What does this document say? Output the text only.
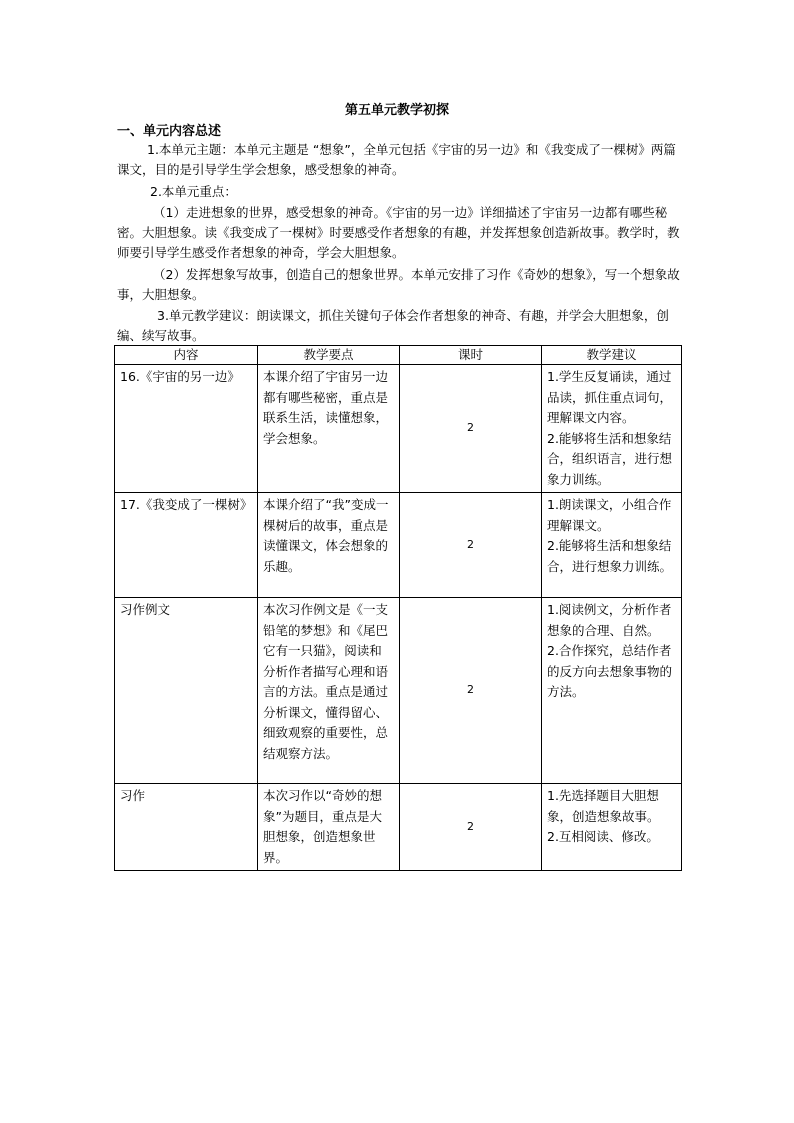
第五单元教学初探
一、单元内容总述
1.本单元主题：本单元主题是 “想象”，全单元包括《宇宙的另一边》和《我变成了一棵树》两篇课文，目的是引导学生学会想象，感受想象的神奇。
2.本单元重点：
（1）走进想象的世界，感受想象的神奇。《宇宙的另一边》详细描述了宇宙另一边都有哪些秘密。大胆想象。读《我变成了一棵树》时要感受作者想象的有趣，并发挥想象创造新故事。教学时，教师要引导学生感受作者想象的神奇，学会大胆想象。
（2）发挥想象写故事，创造自己的想象世界。本单元安排了习作《奇妙的想象》，写一个想象故事，大胆想象。
3.单元教学建议：朗读课文，抓住关键句子体会作者想象的神奇、有趣，并学会大胆想象，创编、续写故事。
内容	教学要点	课时	教学建议
16.《宇宙的另一边》	本课介绍了宇宙另一边都有哪些秘密，重点是联系生活，读懂想象，学会想象。	2	1.学生反复诵读，通过品读，抓住重点词句，理解课文内容。
2.能够将生活和想象结合，组织语言，进行想象力训练。
17.《我变成了一棵树》	本课介绍了“我”变成一棵树后的故事，重点是读懂课文，体会想象的乐趣。	2	1.朗读课文，小组合作理解课文。
2.能够将生活和想象结合，进行想象力训练。
习作例文	本次习作例文是《一支铅笔的梦想》和《尾巴它有一只猫》，阅读和分析作者描写心理和语言的方法。重点是通过分析课文，懂得留心、细致观察的重要性，总结观察方法。	2	1.阅读例文，分析作者想象的合理、自然。
2.合作探究，总结作者的反方向去想象事物的方法。
习作	本次习作以“奇妙的想象”为题目，重点是大胆想象，创造想象世界。	2	1.先选择题目大胆想象，创造想象故事。
2.互相阅读、修改。
